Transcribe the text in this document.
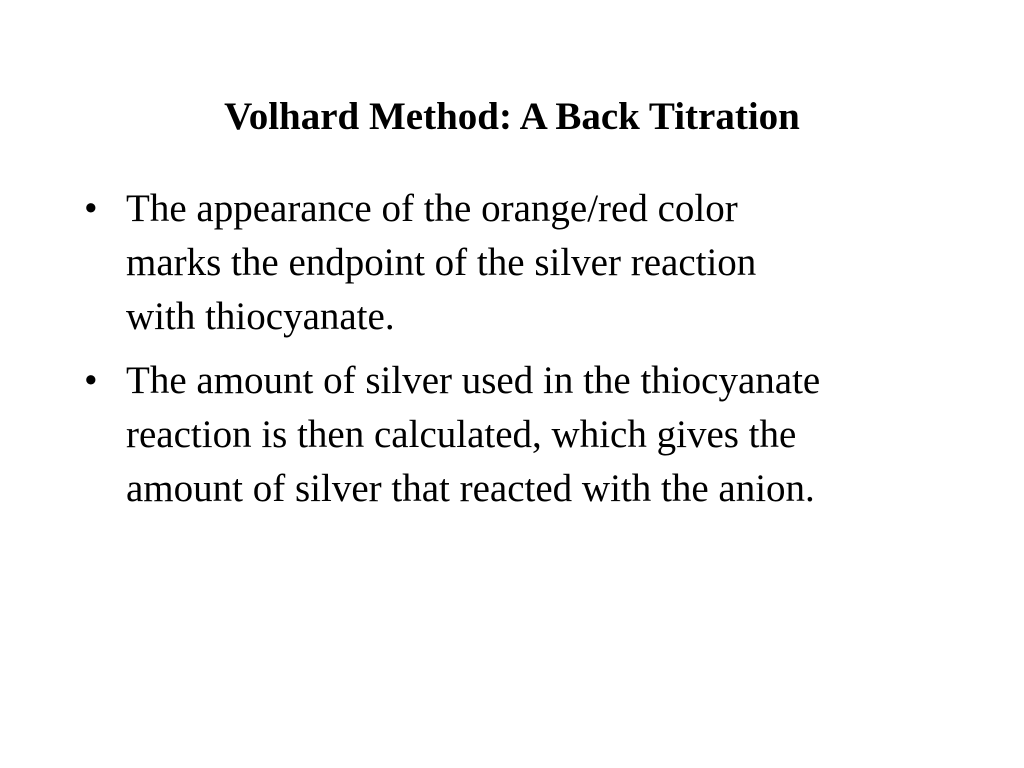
Volhard Method: A Back Titration
• The appearance of the orange/red color
marks the endpoint of the silver reaction
with thiocyanate.
• The amount of silver used in the thiocyanate
reaction is then calculated, which gives the
amount of silver that reacted with the anion.
